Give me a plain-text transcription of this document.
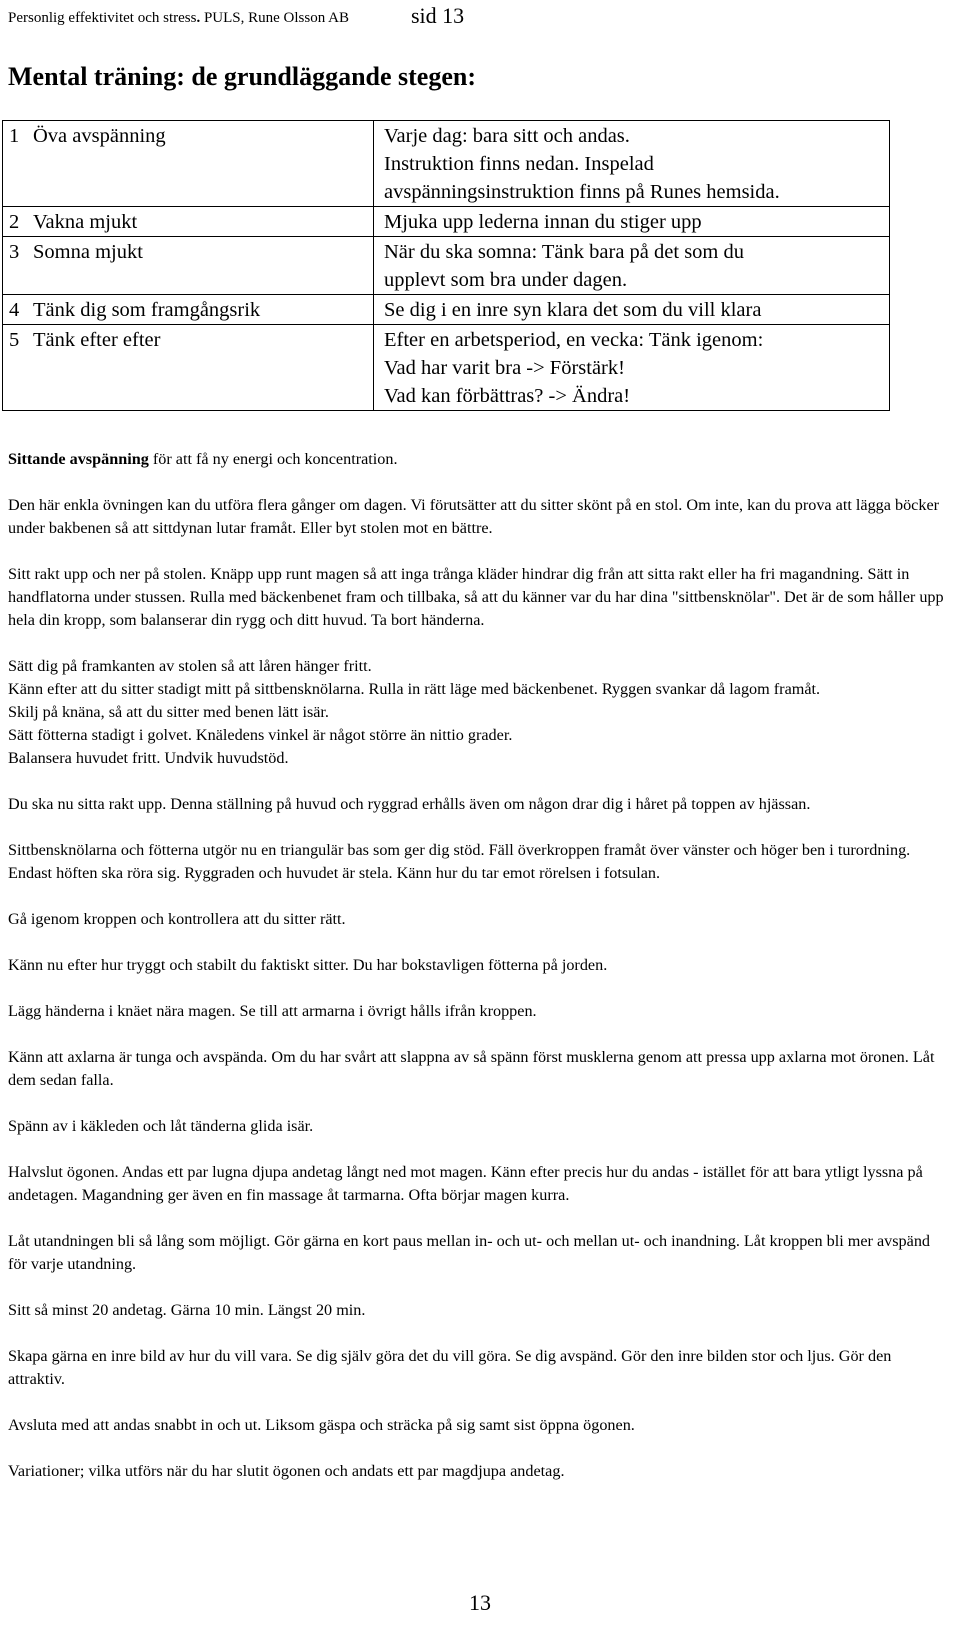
Personlig effektivitet och stress. PULS, Rune Olsson AB	sid 13
Mental träning: de grundläggande stegen:
1 Öva avspänning	Varje dag: bara sitt och andas.
Instruktion finns nedan. Inspelad
avspänningsinstruktion finns på Runes hemsida.

2 Vakna mjukt	Mjuka upp lederna innan du stiger upp

3 Somna mjukt	När du ska somna: Tänk bara på det som du
upplevt som bra under dagen.

4 Tänk dig som framgångsrik	Se dig i en inre syn klara det som du vill klara

5 Tänk efter efter	Efter en arbetsperiod, en vecka: Tänk igenom:
Vad har varit bra -> Förstärk!
Vad kan förbättras? -> Ändra!

Sittande avspänning för att få ny energi och koncentration.

Den här enkla övningen kan du utföra flera gånger om dagen. Vi förutsätter att du sitter skönt på en stol. Om inte, kan du prova att lägga böcker under bakbenen så att sittdynan lutar framåt. Eller byt stolen mot en bättre.

Sitt rakt upp och ner på stolen. Knäpp upp runt magen så att inga trånga kläder hindrar dig från att sitta rakt eller ha fri magandning. Sätt in handflatorna under stussen. Rulla med bäckenbenet fram och tillbaka, så att du känner var du har dina "sittbensknölar". Det är de som håller upp hela din kropp, som balanserar din rygg och ditt huvud. Ta bort händerna.

Sätt dig på framkanten av stolen så att låren hänger fritt.

Känn efter att du sitter stadigt mitt på sittbensknölarna. Rulla in rätt läge med bäckenbenet. Ryggen svankar då lagom framåt.

Skilj på knäna, så att du sitter med benen lätt isär.

Sätt fötterna stadigt i golvet. Knäledens vinkel är något större än nittio grader.

Balansera huvudet fritt. Undvik huvudstöd.

Du ska nu sitta rakt upp. Denna ställning på huvud och ryggrad erhålls även om någon drar dig i håret på toppen av hjässan.

Sittbensknölarna och fötterna utgör nu en triangulär bas som ger dig stöd. Fäll överkroppen framåt över vänster och höger ben i turordning. Endast höften ska röra sig. Ryggraden och huvudet är stela. Känn hur du tar emot rörelsen i fotsulan.

Gå igenom kroppen och kontrollera att du sitter rätt.

Känn nu efter hur tryggt och stabilt du faktiskt sitter. Du har bokstavligen fötterna på jorden.

Lägg händerna i knäet nära magen. Se till att armarna i övrigt hålls ifrån kroppen.

Känn att axlarna är tunga och avspända. Om du har svårt att slappna av så spänn först musklerna genom att pressa upp axlarna mot öronen. Låt dem sedan falla.

Spänn av i käkleden och låt tänderna glida isär.

Halvslut ögonen. Andas ett par lugna djupa andetag långt ned mot magen. Känn efter precis hur du andas - istället för att bara ytligt lyssna på andetagen. Magandning ger även en fin massage åt tarmarna. Ofta börjar magen kurra.

Låt utandningen bli så lång som möjligt. Gör gärna en kort paus mellan in- och ut- och mellan ut- och inandning. Låt kroppen bli mer avspänd för varje utandning.

Sitt så minst 20 andetag. Gärna 10 min. Längst 20 min.

Skapa gärna en inre bild av hur du vill vara. Se dig själv göra det du vill göra. Se dig avspänd. Gör den inre bilden stor och ljus. Gör den attraktiv.

Avsluta med att andas snabbt in och ut. Liksom gäspa och sträcka på sig samt sist öppna ögonen.

Variationer; vilka utförs när du har slutit ögonen och andats ett par magdjupa andetag.

13
